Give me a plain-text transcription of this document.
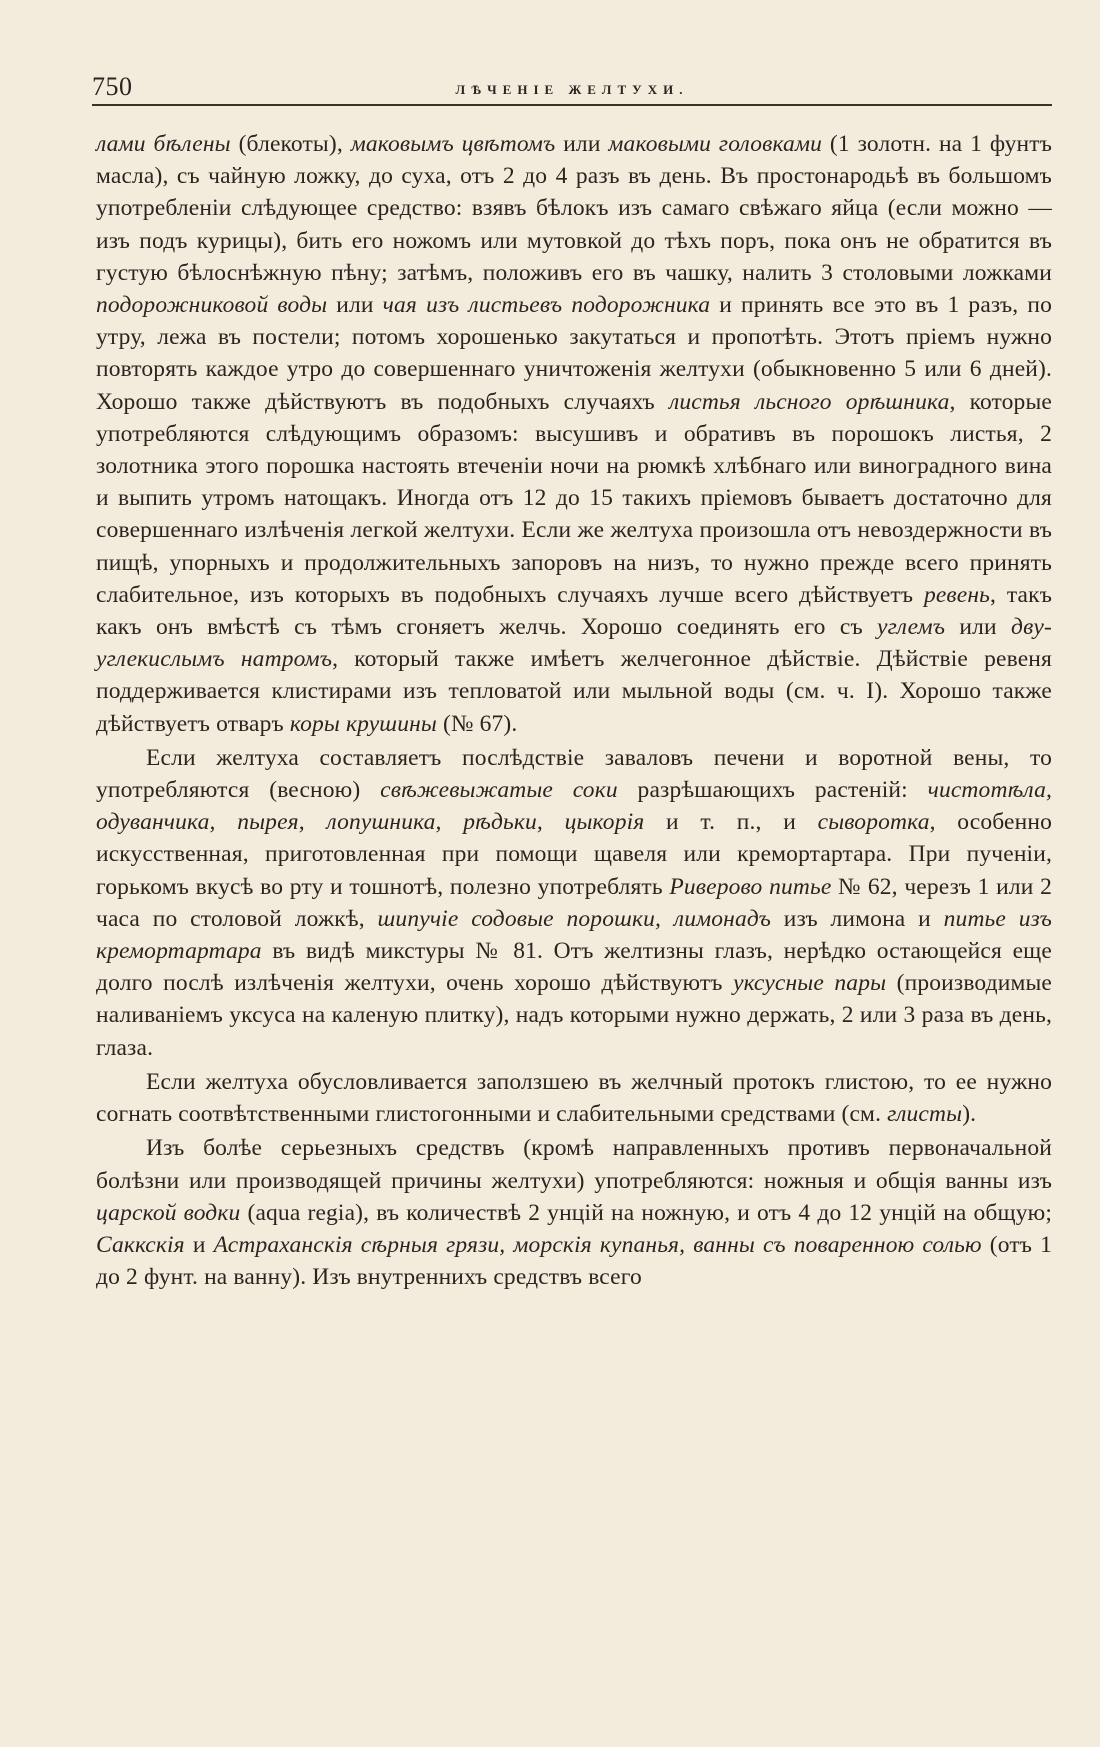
750	ЛѢЧЕНІЕ ЖЕЛТУХИ.

лами бѣлены (блекоты), маковымъ цвѣтомъ или маковыми головками (1 золотн. на 1 фунтъ масла), съ чайную ложку, до суха, отъ 2 до 4 разъ въ день. Въ простонародьѣ въ большомъ употребленіи слѣдующее средство: взявъ бѣлокъ изъ самаго свѣжаго яйца (если можно — изъ подъ курицы), бить его ножомъ или мутовкой до тѣхъ поръ, пока онъ не обратится въ густую бѣлоснѣжную пѣну; затѣмъ, положивъ его въ чашку, налить 3 столовыми ложками подорожниковой воды или чая изъ листьевъ подорожника и принять все это въ 1 разъ, по утру, лежа въ постели; потомъ хорошенько закутаться и пропотѣть. Этотъ пріемъ нужно повторять каждое утро до совершеннаго уничтоженія желтухи (обыкновенно 5 или 6 дней). Хорошо также дѣйствуютъ въ подобныхъ случаяхъ листья льсного орѣшника, которые употребляются слѣдующимъ образомъ: высушивъ и обративъ въ порошокъ листья, 2 золотника этого порошка настоять втеченіи ночи на рюмкѣ хлѣбнаго или виноградного вина и выпить утромъ натощакъ. Иногда отъ 12 до 15 такихъ пріемовъ бываетъ достаточно для совершеннаго излѣченія легкой желтухи. Если же желтуха произошла отъ невоздержности въ пищѣ, упорныхъ и продолжительныхъ запоровъ на низъ, то нужно прежде всего принять слабительное, изъ которыхъ въ подобныхъ случаяхъ лучше всего дѣйствуетъ ревень, такъ какъ онъ вмѣстѣ съ тѣмъ сгоняетъ желчь. Хорошо соединять его съ углемъ или дву-углекислымъ натромъ, который также имѣетъ желчегонное дѣйствіе. Дѣйствіе ревеня поддерживается клистирами изъ тепловатой или мыльной воды (см. ч. I). Хорошо также дѣйствуетъ отваръ коры крушины (№ 67).

Если желтуха составляетъ послѣдствіе заваловъ печени и воротной вены, то употребляются (весною) свѣжевыжатые соки разрѣшающихъ растеній: чистотѣла, одуванчика, пырея, лопушника, рѣдьки, цыкорія и т. п., и сыворотка, особенно искусственная, приготовленная при помощи щавеля или кремортартара. При пученіи, горькомъ вкусѣ во рту и тошнотѣ, полезно употреблять Риверово питье № 62, черезъ 1 или 2 часа по столовой ложкѣ, шипучіе содовые порошки, лимонадъ изъ лимона и питье изъ кремортартара въ видѣ микстуры № 81. Отъ желтизны глазъ, нерѣдко остающейся еще долго послѣ излѣченія желтухи, очень хорошо дѣйствуютъ уксусные пары (производимые наливаніемъ уксуса на каленую плитку), надъ которыми нужно держать, 2 или 3 раза въ день, глаза.

Если желтуха обусловливается заползшею въ желчный протокъ глистою, то ее нужно согнать соотвѣтственными глистогонными и слабительными средствами (см. глисты).

Изъ болѣе серьезныхъ средствъ (кромѣ направленныхъ противъ первоначальной болѣзни или производящей причины желтухи) употребляются: ножныя и общія ванны изъ царской водки (aqua regia), въ количествѣ 2 унцій на ножную, и отъ 4 до 12 унцій на общую; Саккскія и Астраханскія сѣрныя грязи, морскія купанья, ванны съ поваренною солью (отъ 1 до 2 фунт. на ванну). Изъ внутреннихъ средствъ всего
